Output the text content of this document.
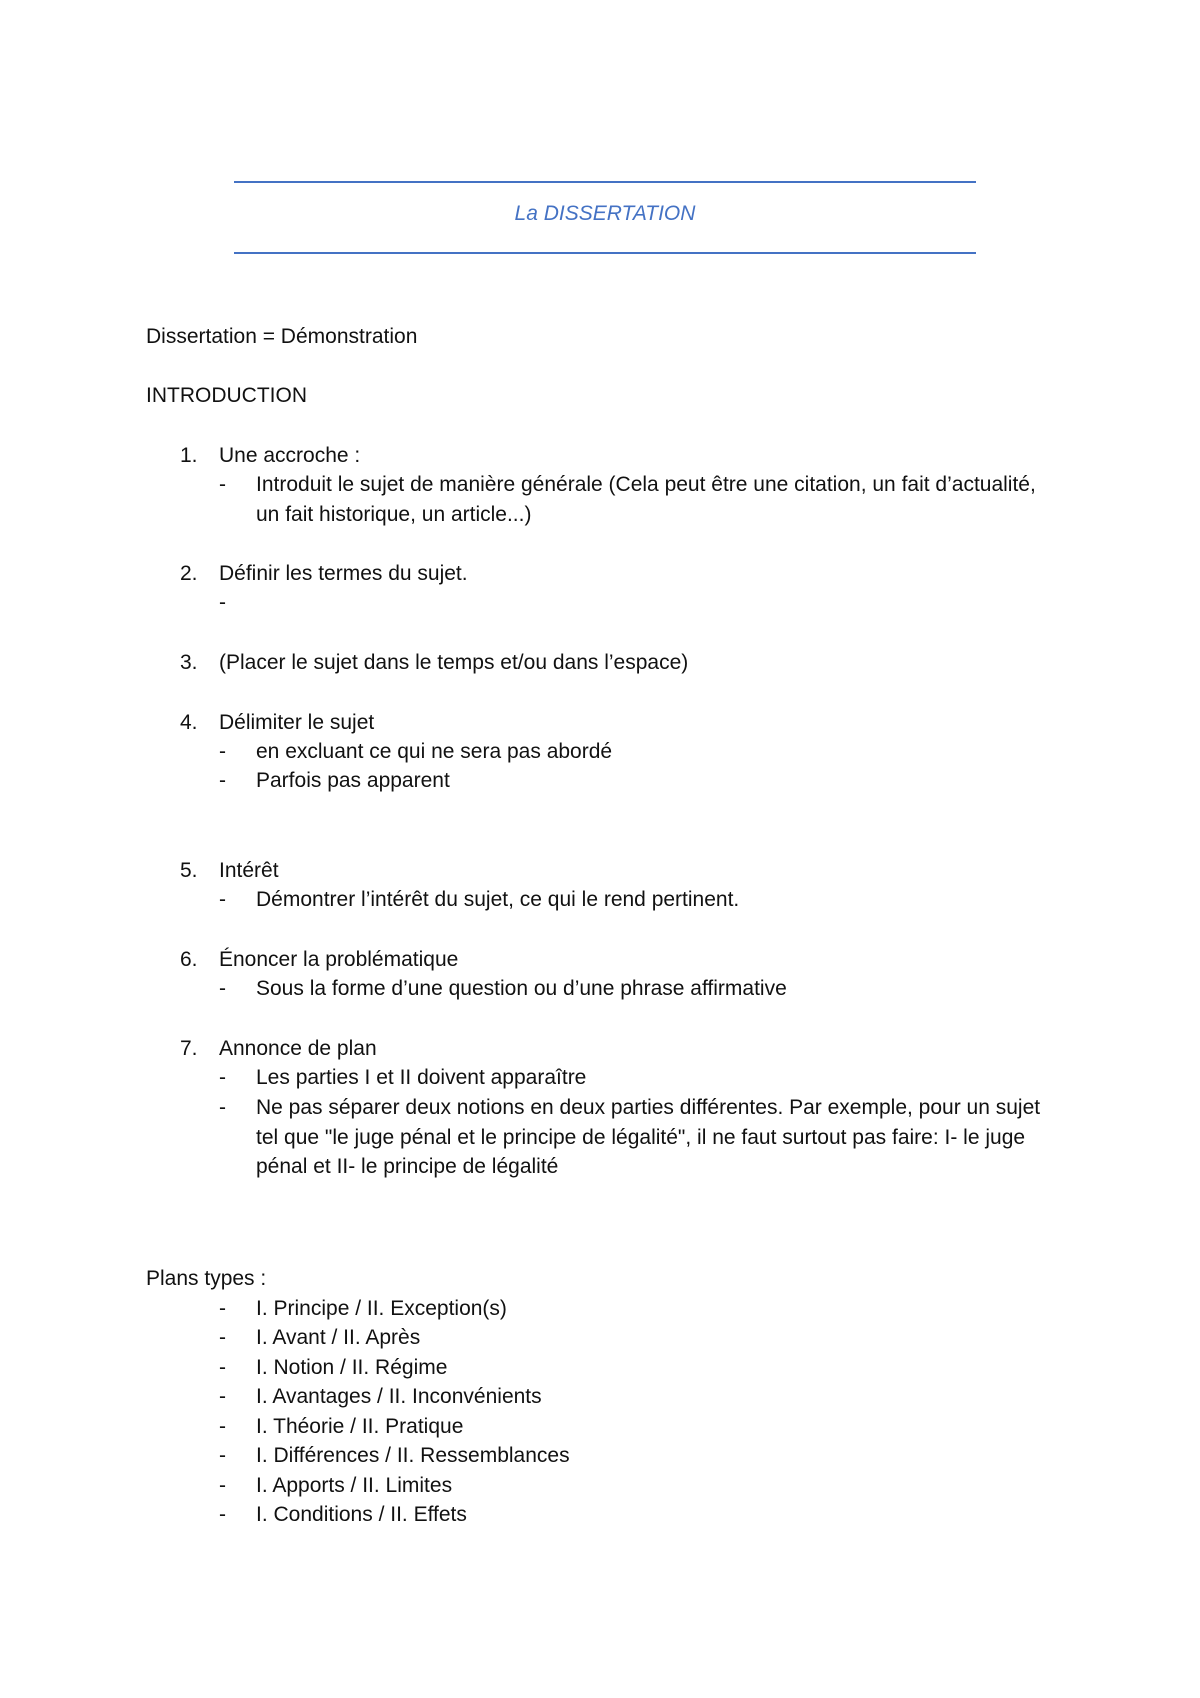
La DISSERTATION
Dissertation = Démonstration
INTRODUCTION
1.	Une accroche :
- Introduit le sujet de manière générale (Cela peut être une citation, un fait d’actualité, un fait historique, un article...)
2.	Définir les termes du sujet.
-
3.	(Placer le sujet dans le temps et/ou dans l’espace)
4.	Délimiter le sujet
- en excluant ce qui ne sera pas abordé
- Parfois pas apparent
5.	Intérêt
- Démontrer l’intérêt du sujet, ce qui le rend pertinent.
6.	Énoncer la problématique
- Sous la forme d’une question ou d’une phrase affirmative
7.	Annonce de plan
- Les parties I et II doivent apparaître
- Ne pas séparer deux notions en deux parties différentes. Par exemple, pour un sujet tel que "le juge pénal et le principe de légalité", il ne faut surtout pas faire: I- le juge pénal et II- le principe de légalité
Plans types :
- I. Principe / II. Exception(s)
- I. Avant / II. Après
- I. Notion / II. Régime
- I. Avantages / II. Inconvénients
- I. Théorie / II. Pratique
- I. Différences / II. Ressemblances
- I. Apports / II. Limites
- I. Conditions / II. Effets
